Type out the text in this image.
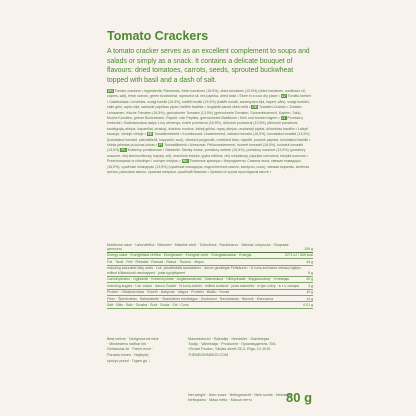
Tomato Crackers
A tomato cracker serves as an excellent complement to soups and salads or simply as a snack. It contains a delicate bouquet of flavours: dried tomatoes, carrots, seeds, sprouted buckwheat topped with basil and a dash of salt.
EN Tomato crackers • Ingredients: Flaxseeds, fresh tomatoes (16.5%), dried tomatoes (13.5%) (dried tomatoes, sunflower oil, capers, salt), fresh carrots, green buckwheat, rapeseed oil, red paprika, dried basil • Store in a cool dry place • LV Tomātu krekeri • Sastāvdaļas: Linsēklas, svaigi tomāti (16.5%), kaltēti tomāti (13.5%) (kaltēti tomāti, saulespuķu eļļa, kaperi, sāls), svaigi burkāni, zaļie griķi, rapšu eļļa, sarkanie paprikas pipari, kaltēts baziliks • Uzglabāt sausā vēsā vietā • DE Tomaten-Cracker • Zutaten: Leinsamen, frische Tomaten (16,5%), getrocknete Tomaten (13,5%) (getrocknete Tomaten, Sonnenblumenöl, Kapern, Salz), frische Karotten, grüner Buchweizen, Rapsöl, rote Paprika, getrocknetes Basilikum • Kühl und trocken lagern • LT Pomidorų krekeriai • Sudedamosios dalys: Linų sėmenys, švieži pomidorai (16,5%), džiovinti pomidorai (13,5%) (džiovinti pomidorai, saulėgrąžų aliejus, kaparėliai, druska), šviežios morkos, žalieji grikiai, rapsų aliejus, raudonieji pipirai, džiovintas baziliks • Laikyti sausoje, vėsioje vietoje • EE Tomatikreekerid • Koostisosad: Linaseemned, värsked tomatid (16,5%), kuivatatud tomatid (13,5%) (kuivatatud tomatid, päevalilleõli, kappariid, sool), värsked porgandid, rohelised tatar, rapsiõli, punane paprika, kuivatatud basiilik • Hoida jahedas ja kuivas kohas • FI Tomaattikeksit • Ainesosat: Pellavansiemenet, tuoreet tomaatit (16,5%), kuivatut tomaatit (13,5%) PL Krakersy pomidorowe • Składniki: Siemię lniane, pomidory świeże (16,5%), pomidory suszone (13,5%) (pomidory suszone, olej słonecznikowy, kapary, sól), marchew świeża, gryka zielona, olej rzepakowy, papryka czerwona, bazylia suszona • Przechowywać w chłodnym i suchym miejscu • RU Томатные крекеры • Ингредиенты: Семена льна, свежие помидоры (16,5%), сушёные помидоры (13,5%) (сушёные помидоры, подсолнечное масло, каперсы, соль), свежая морковь, зелёная гречка, рапсовое масло, красная паприка, сушёный базилик • Хранить в сухом прохладном месте •
Nutritional value · Uzturvērtība · Nährwert · Maistinė vertė · Toitevärtus · Ravintoarvo · Wartość odżywcza · Пищевая ценность	100 g
Energy value · Enerģētiskā vērtība · Energiewert · Energinė vertė · Energiasisaldus · Energia	2271 kJ / 549 kcal
Fat · Tauki · Fett · Riebalai · Rasvad · Rasva · Tłuszcz · Жиры	44 g
including saturated fatty acids · t.sk. piesātinātās taukskābes · davon gesättigte Fettsäuren · iš kurių sočiosios riebalų rūgštys · millest küllastunud rasvhapped · josta tyydyttyneet	6 g
Carbohydrates · Ogļhidrāti · Kohlenhydrate · Angliavandeniai · Süsivesikud · Hiilihydraatit · Węglowodany · Углеводы	25 g
including sugars · t.sk. cukuri · davon Zucker · iš kurių cukrūs · millest suhkrud · josta sokereita · w tym cukry · в т.ч. сахара	3 g
Protein · Olbaltumvielas · Eiweiß · Baltymai · Valgud · Proteiini · Białko · Белки	10 g
Fiber · Šķiedrvielas · Ballaststoffe · Skaidulinės medžiagos · Kiudained · Ravintokuitu · Błonnik · Клетчатка	14 g
Salt · Sāls · Salz · Druska · Sool · Suola · Sól · Соль	0.01 g
Best before · Derīguma termiņš · Mindestens haltbar bis · Geriausias iki · Parim enne · Parasta ennen · Najlepiej spożyć przed · Годен до ↓
Manufactured · Ražotājs · Hersteller · Gamintojas · Tootja · Valmistaja · Producent · Производитель: SIA «Smart Foods», Skolas street 25-3, Rīga, LV-1010.
THEBEGINNINGS.COM
Net weight · Neto svars · Nettogewicht · Neto svoris · Netokaal · Nettopaino · Masa netto · Масса нетто	80 g
